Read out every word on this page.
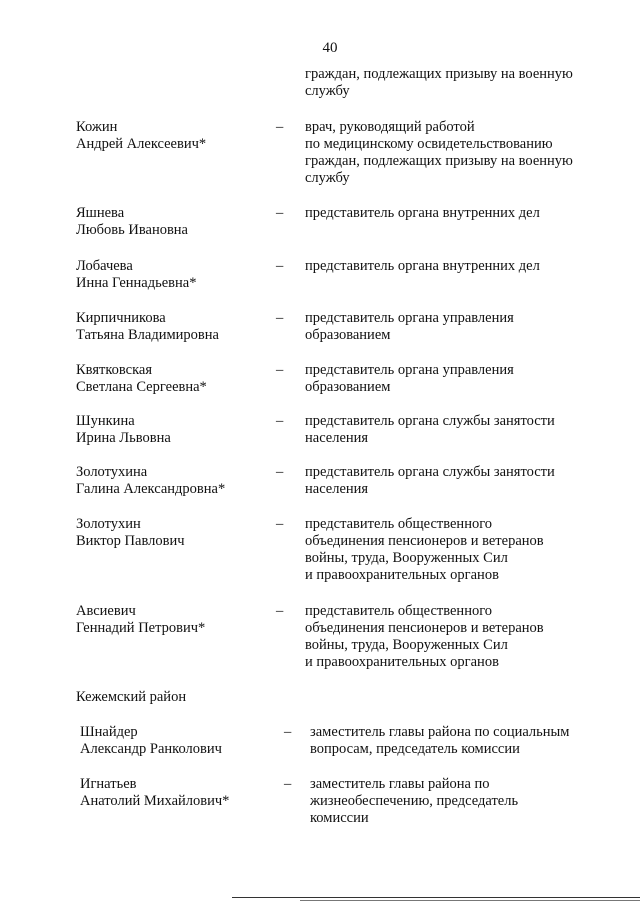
40
граждан, подлежащих призыву на военную
службу
Кожин
Андрей Алексеевич*
– врач, руководящий работой
по медицинскому освидетельствованию
граждан, подлежащих призыву на военную
службу
Яшнева
Любовь Ивановна
– представитель органа внутренних дел
Лобачева
Инна Геннадьевна*
– представитель органа внутренних дел
Кирпичникова
Татьяна Владимировна
– представитель органа управления
образованием
Квятковская
Светлана Сергеевна*
– представитель органа управления
образованием
Шункина
Ирина Львовна
– представитель органа службы занятости
населения
Золотухина
Галина Александровна*
– представитель органа службы занятости
населения
Золотухин
Виктор Павлович
– представитель общественного
объединения пенсионеров и ветеранов
войны, труда, Вооруженных Сил
и правоохранительных органов
Авсиевич
Геннадий Петрович*
– представитель общественного
объединения пенсионеров и ветеранов
войны, труда, Вооруженных Сил
и правоохранительных органов
Кежемский район
Шнайдер
Александр Ранколович
– заместитель главы района по социальным
вопросам, председатель комиссии
Игнатьев
Анатолий Михайлович*
– заместитель главы района по
жизнеобеспечению, председатель
комиссии
